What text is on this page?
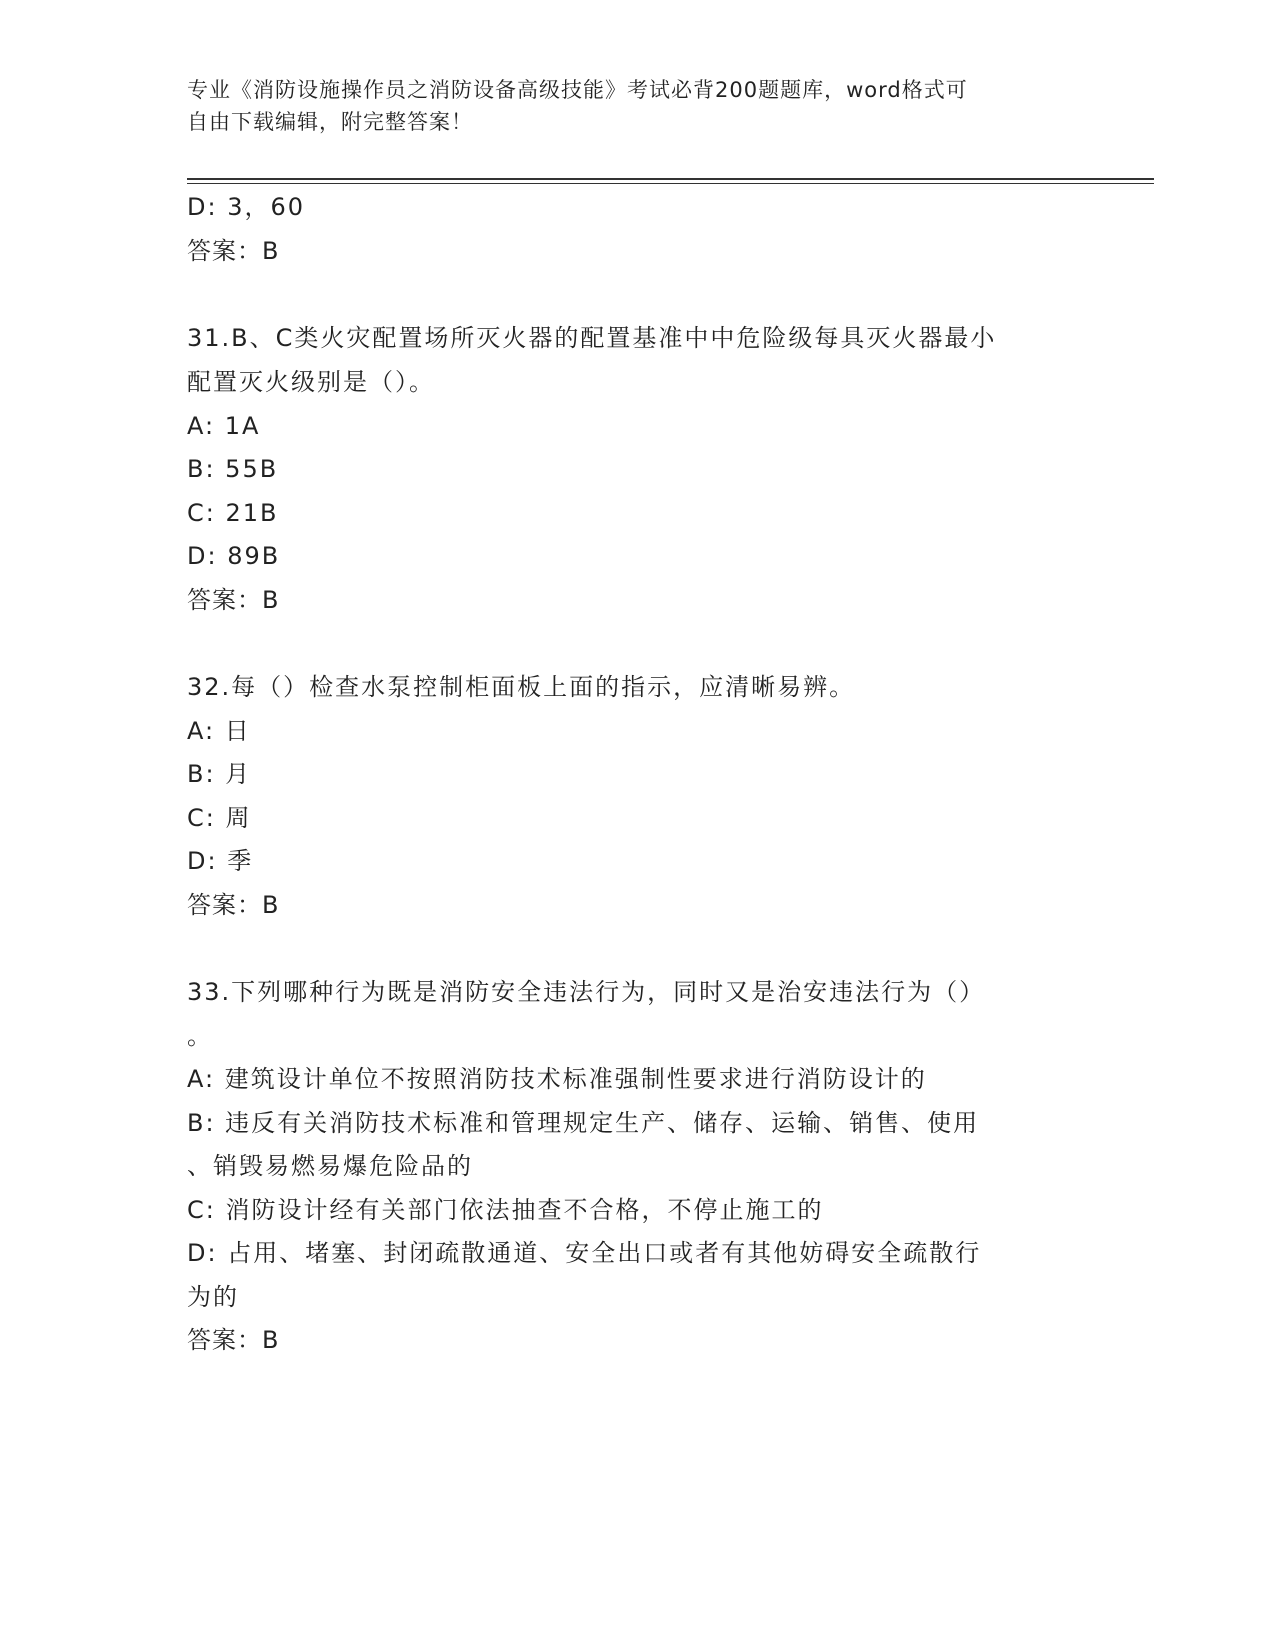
专业《消防设施操作员之消防设备高级技能》考试必背200题题库，word格式可
自由下载编辑，附完整答案！
D: 3，60
答案：B
31.B、C类火灾配置场所灭火器的配置基准中中危险级每具灭火器最小
配置灭火级别是（）。
A: 1A
B: 55B
C: 21B
D: 89B
答案：B
32.每（）检查水泵控制柜面板上面的指示，应清晰易辨。
A: 日
B: 月
C: 周
D: 季
答案：B
33.下列哪种行为既是消防安全违法行为，同时又是治安违法行为（）
。
A: 建筑设计单位不按照消防技术标准强制性要求进行消防设计的
B: 违反有关消防技术标准和管理规定生产、储存、运输、销售、使用
、销毁易燃易爆危险品的
C: 消防设计经有关部门依法抽查不合格，不停止施工的
D: 占用、堵塞、封闭疏散通道、安全出口或者有其他妨碍安全疏散行
为的
答案：B
